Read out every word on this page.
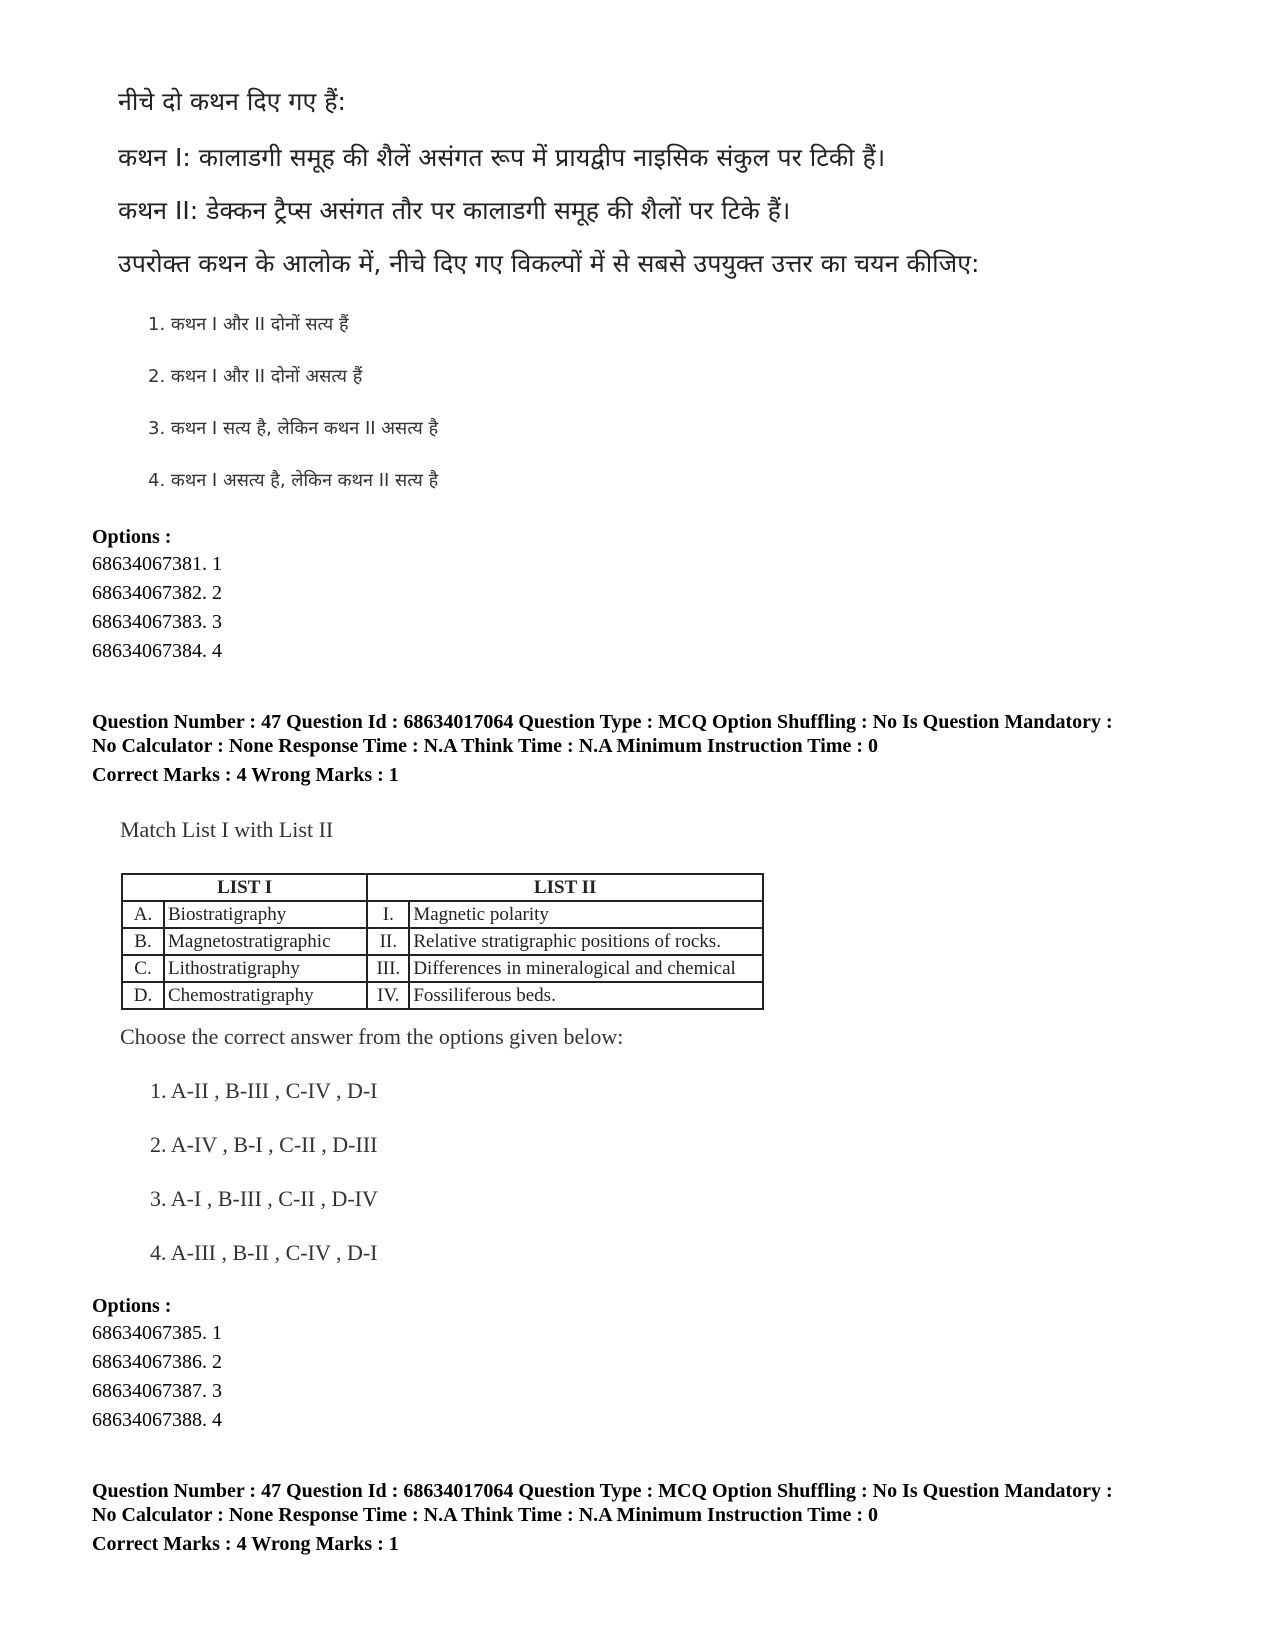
नीचे दो कथन दिए गए हैं:
कथन I: कालाडगी समूह की शैलें असंगत रूप में प्रायद्वीप नाइसिक संकुल पर टिकी हैं।
कथन II: डेक्कन ट्रैप्स असंगत तौर पर कालाडगी समूह की शैलों पर टिके हैं।
उपरोक्त कथन के आलोक में, नीचे दिए गए विकल्पों में से सबसे उपयुक्त उत्तर का चयन कीजिए:
1. कथन I और II दोनों सत्य हैं
2. कथन I और II दोनों असत्य हैं
3. कथन I सत्य है, लेकिन कथन II असत्य है
4. कथन I असत्य है, लेकिन कथन II सत्य है
Options :
68634067381. 1
68634067382. 2
68634067383. 3
68634067384. 4
Question Number : 47 Question Id : 68634017064 Question Type : MCQ Option Shuffling : No Is Question Mandatory :
No Calculator : None Response Time : N.A Think Time : N.A Minimum Instruction Time : 0
Correct Marks : 4 Wrong Marks : 1
Match List I with List II
LIST I		LIST II	
A.	Biostratigraphy	I.	Magnetic polarity
B.	Magnetostratigraphic	II.	Relative stratigraphic positions of rocks.
C.	Lithostratigraphy	III.	Differences in mineralogical and chemical
D.	Chemostratigraphy	IV.	Fossiliferous beds.
Choose the correct answer from the options given below:
1. A-II , B-III , C-IV , D-I
2. A-IV , B-I , C-II , D-III
3. A-I , B-III , C-II , D-IV
4. A-III , B-II , C-IV , D-I
Options :
68634067385. 1
68634067386. 2
68634067387. 3
68634067388. 4
Question Number : 47 Question Id : 68634017064 Question Type : MCQ Option Shuffling : No Is Question Mandatory :
No Calculator : None Response Time : N.A Think Time : N.A Minimum Instruction Time : 0
Correct Marks : 4 Wrong Marks : 1
